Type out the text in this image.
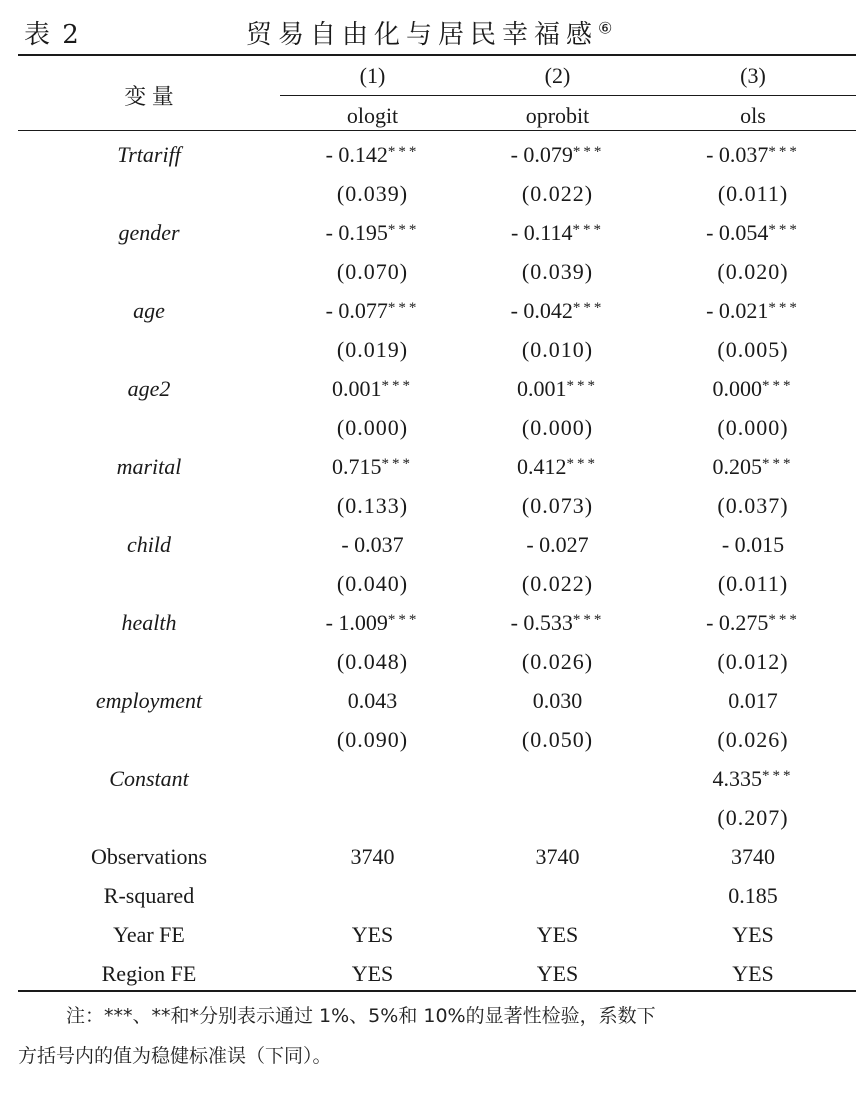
表 2	贸易自由化与居民幸福感⑥
变 量	(1)	(2)	(3)
	ologit	oprobit	ols
Trtariff	- 0.142***	- 0.079***	- 0.037***
	(0.039)	(0.022)	(0.011)
gender	- 0.195***	- 0.114***	- 0.054***
	(0.070)	(0.039)	(0.020)
age	- 0.077***	- 0.042***	- 0.021***
	(0.019)	(0.010)	(0.005)
age2	0.001***	0.001***	0.000***
	(0.000)	(0.000)	(0.000)
marital	0.715***	0.412***	0.205***
	(0.133)	(0.073)	(0.037)
child	- 0.037	- 0.027	- 0.015
	(0.040)	(0.022)	(0.011)
health	- 1.009***	- 0.533***	- 0.275***
	(0.048)	(0.026)	(0.012)
employment	0.043	0.030	0.017
	(0.090)	(0.050)	(0.026)
Constant			4.335***
			(0.207)
Observations	3740	3740	3740
R-squared			0.185
Year FE	YES	YES	YES
Region FE	YES	YES	YES
注：***、**和*分别表示通过 1%、5%和 10%的显著性检验，系数下
方括号内的值为稳健标准误（下同）。
